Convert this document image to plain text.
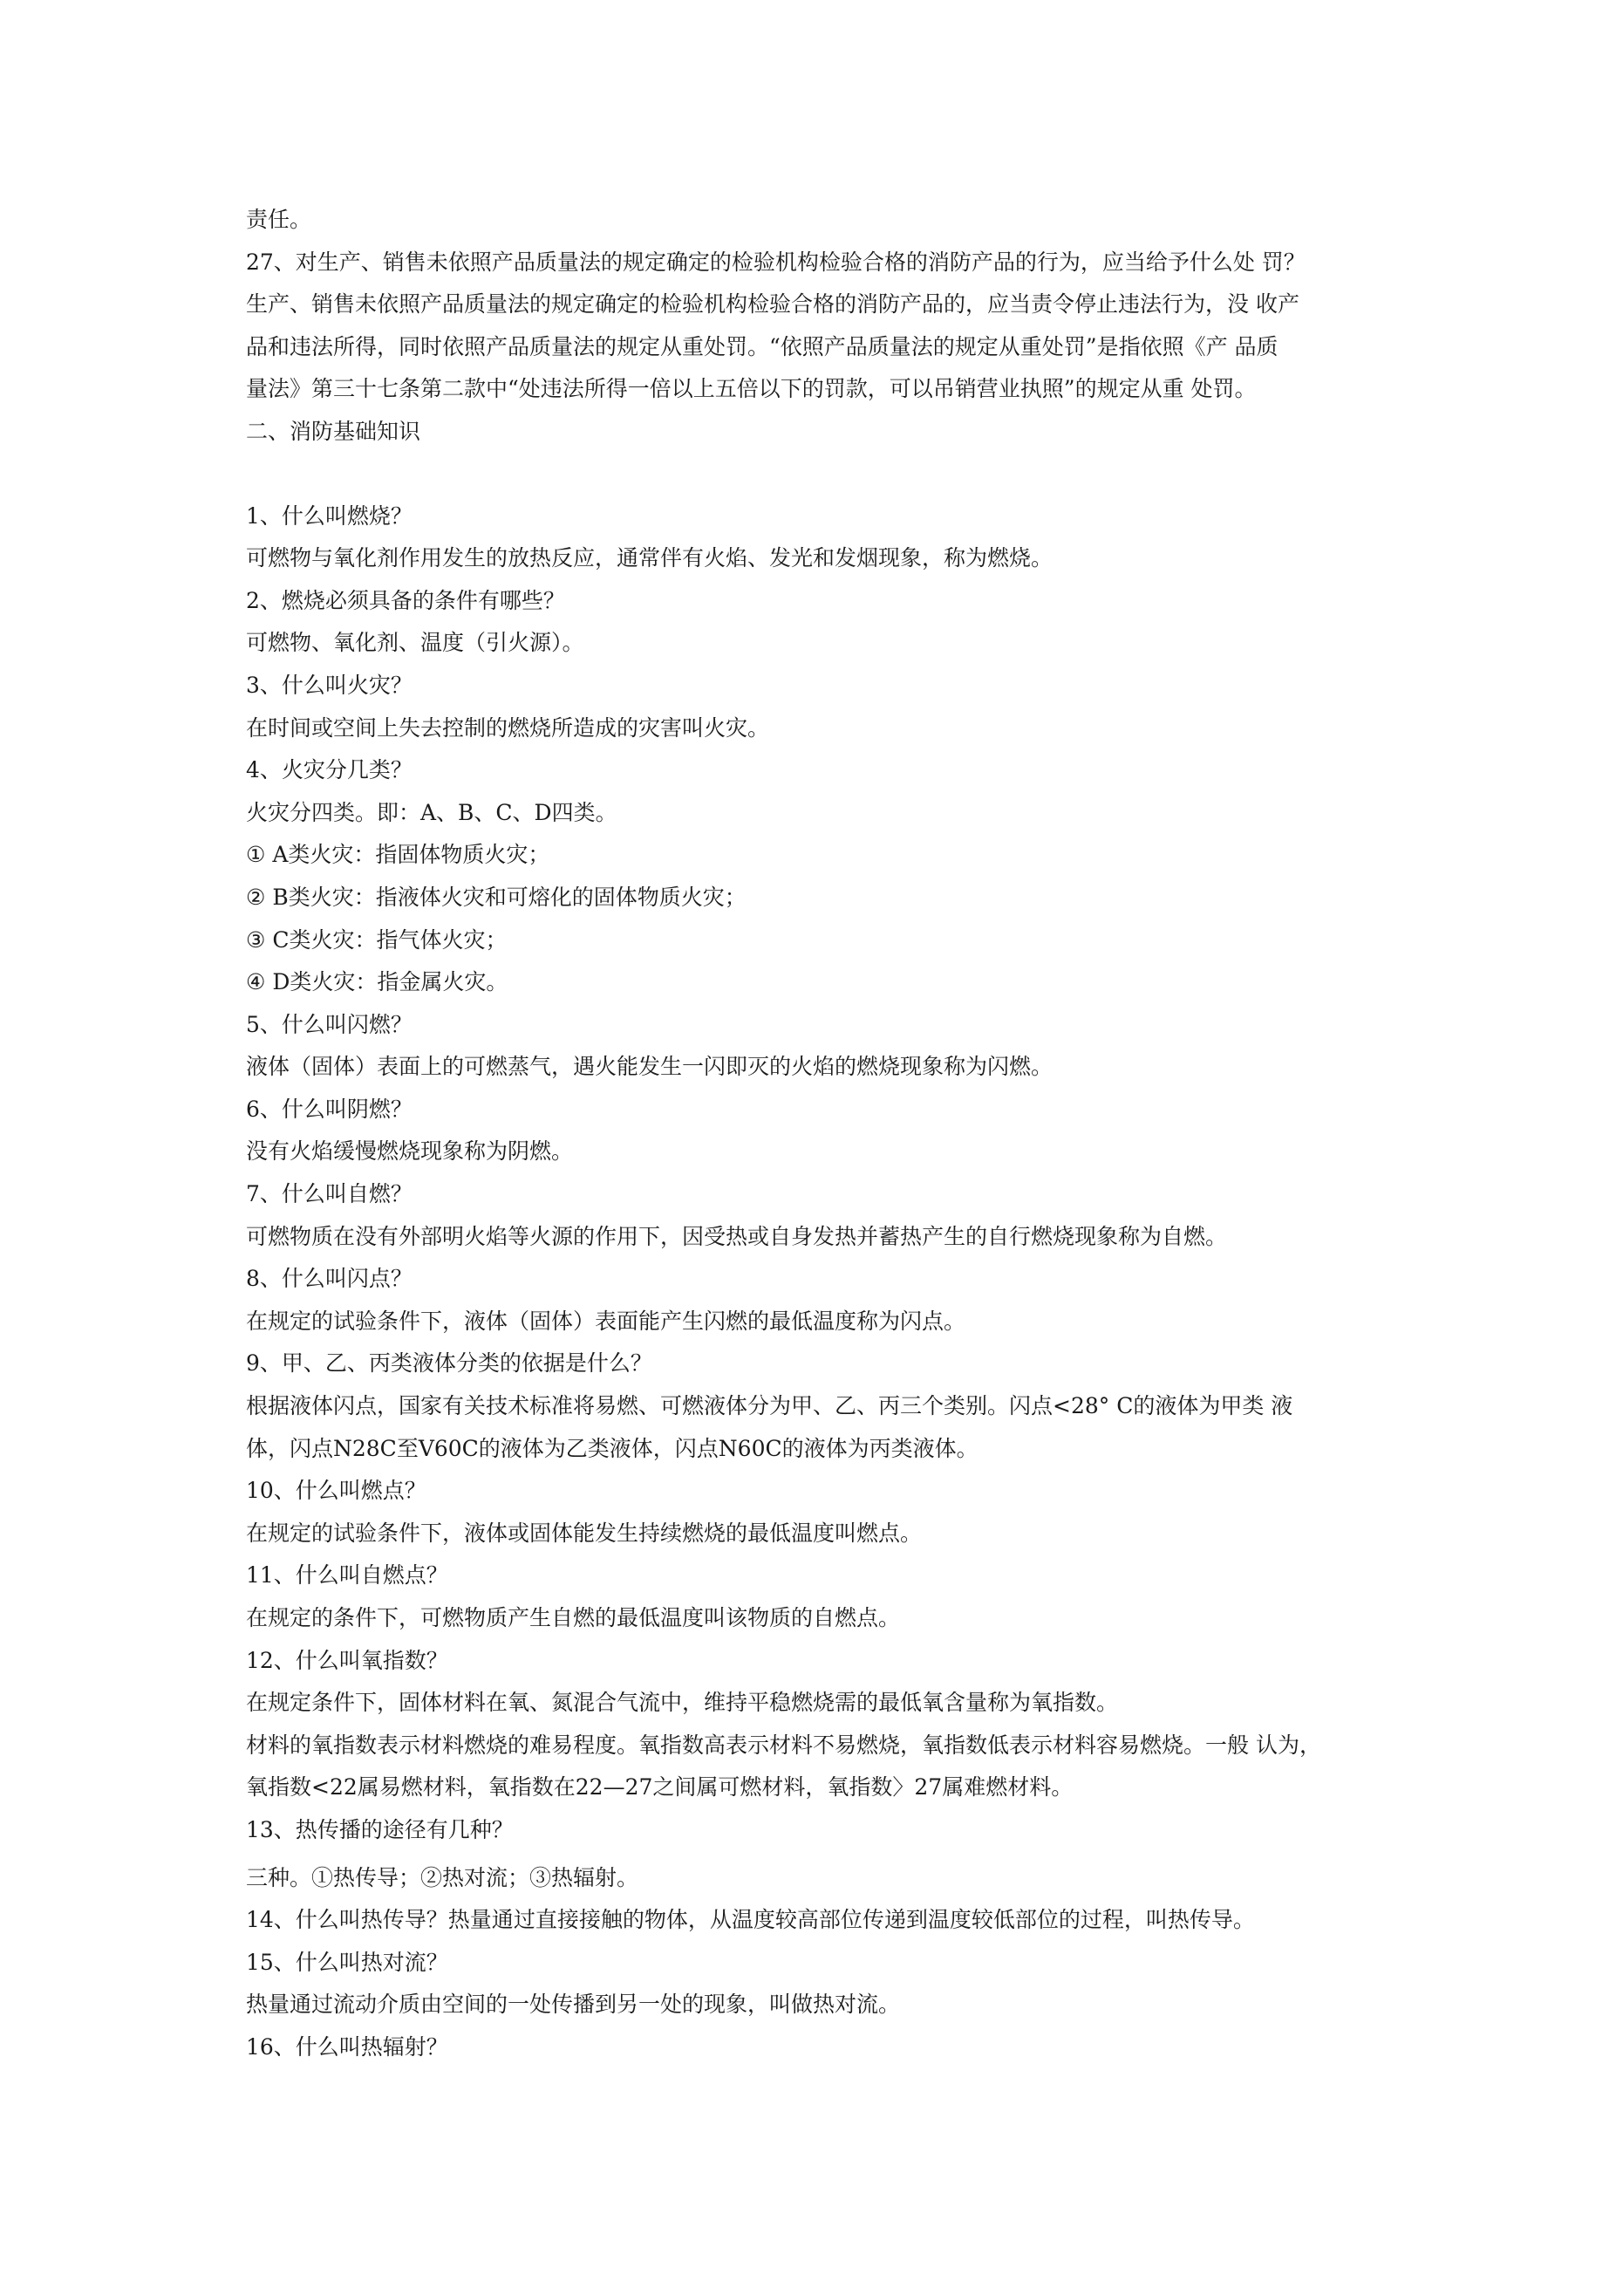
责任。
27、对生产、销售未依照产品质量法的规定确定的检验机构检验合格的消防产品的行为，应当给予什么处 罚？
生产、销售未依照产品质量法的规定确定的检验机构检验合格的消防产品的，应当责令停止违法行为，没 收产
品和违法所得，同时依照产品质量法的规定从重处罚。“依照产品质量法的规定从重处罚”是指依照《产 品质
量法》第三十七条第二款中“处违法所得一倍以上五倍以下的罚款，可以吊销营业执照”的规定从重 处罚。
二、消防基础知识
1、什么叫燃烧？
可燃物与氧化剂作用发生的放热反应，通常伴有火焰、发光和发烟现象，称为燃烧。
2、燃烧必须具备的条件有哪些？
可燃物、氧化剂、温度（引火源）。
3、什么叫火灾？
在时间或空间上失去控制的燃烧所造成的灾害叫火灾。
4、火灾分几类？
火灾分四类。即：A、B、C、D四类。
① A类火灾：指固体物质火灾；
② B类火灾：指液体火灾和可熔化的固体物质火灾；
③ C类火灾：指气体火灾；
④ D类火灾：指金属火灾。
5、什么叫闪燃？
液体（固体）表面上的可燃蒸气，遇火能发生一闪即灭的火焰的燃烧现象称为闪燃。
6、什么叫阴燃？
没有火焰缓慢燃烧现象称为阴燃。
7、什么叫自燃？
可燃物质在没有外部明火焰等火源的作用下，因受热或自身发热并蓄热产生的自行燃烧现象称为自燃。
8、什么叫闪点？
在规定的试验条件下，液体（固体）表面能产生闪燃的最低温度称为闪点。
9、甲、乙、丙类液体分类的依据是什么？
根据液体闪点，国家有关技术标准将易燃、可燃液体分为甲、乙、丙三个类别。闪点<28° C的液体为甲类 液
体，闪点N28C至V60C的液体为乙类液体，闪点N60C的液体为丙类液体。
10、什么叫燃点？
在规定的试验条件下，液体或固体能发生持续燃烧的最低温度叫燃点。
11、什么叫自燃点？
在规定的条件下，可燃物质产生自燃的最低温度叫该物质的自燃点。
12、什么叫氧指数？
在规定条件下，固体材料在氧、氮混合气流中，维持平稳燃烧需的最低氧含量称为氧指数。
材料的氧指数表示材料燃烧的难易程度。氧指数高表示材料不易燃烧，氧指数低表示材料容易燃烧。一般 认为，
氧指数<22属易燃材料，氧指数在22—27之间属可燃材料，氧指数〉27属难燃材料。
13、热传播的途径有几种？
三种。①热传导；②热对流；③热辐射。
14、什么叫热传导？热量通过直接接触的物体，从温度较高部位传递到温度较低部位的过程，叫热传导。
15、什么叫热对流？
热量通过流动介质由空间的一处传播到另一处的现象，叫做热对流。
16、什么叫热辐射？
